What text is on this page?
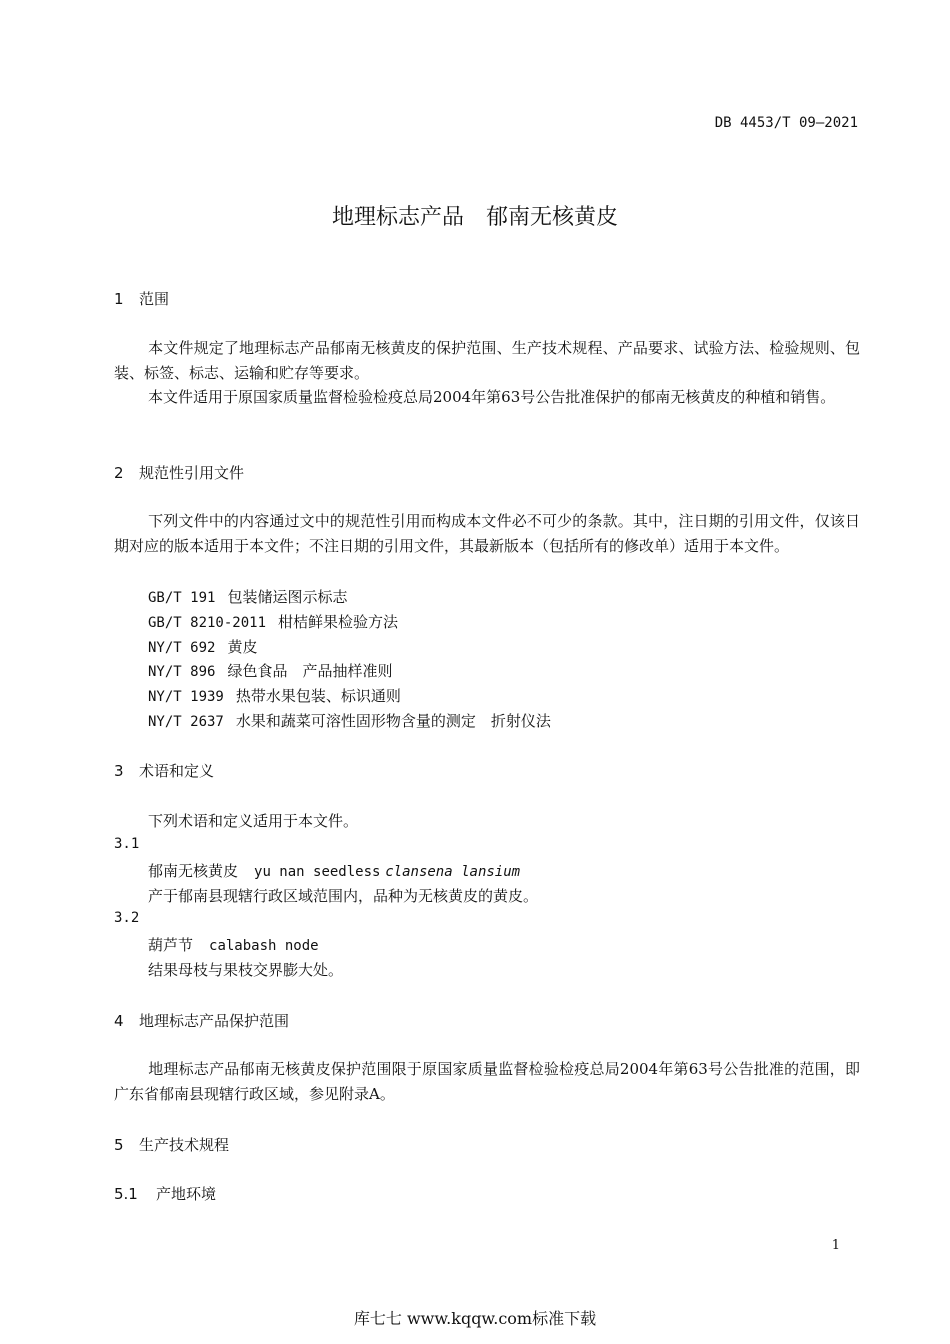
DB 4453/T 09—2021
地理标志产品　郁南无核黄皮
1 范围
本文件规定了地理标志产品郁南无核黄皮的保护范围、生产技术规程、产品要求、试验方法、检验规则、包装、标签、标志、运输和贮存等要求。
本文件适用于原国家质量监督检验检疫总局2004年第63号公告批准保护的郁南无核黄皮的种植和销售。
2 规范性引用文件
下列文件中的内容通过文中的规范性引用而构成本文件必不可少的条款。其中，注日期的引用文件，仅该日期对应的版本适用于本文件；不注日期的引用文件，其最新版本（包括所有的修改单）适用于本文件。
GB/T 191 包装储运图示标志
GB/T 8210-2011 柑桔鲜果检验方法
NY/T 692 黄皮
NY/T 896 绿色食品　产品抽样准则
NY/T 1939 热带水果包装、标识通则
NY/T 2637 水果和蔬菜可溶性固形物含量的测定　折射仪法
3 术语和定义
下列术语和定义适用于本文件。
3.1
郁南无核黄皮 yu nan seedless clansena lansium
产于郁南县现辖行政区域范围内，品种为无核黄皮的黄皮。
3.2
葫芦节 calabash node
结果母枝与果枝交界膨大处。
4 地理标志产品保护范围
地理标志产品郁南无核黄皮保护范围限于原国家质量监督检验检疫总局2004年第63号公告批准的范围，即广东省郁南县现辖行政区域，参见附录A。
5 生产技术规程
5.1 产地环境
1
库七七 www.kqqw.com标准下载
